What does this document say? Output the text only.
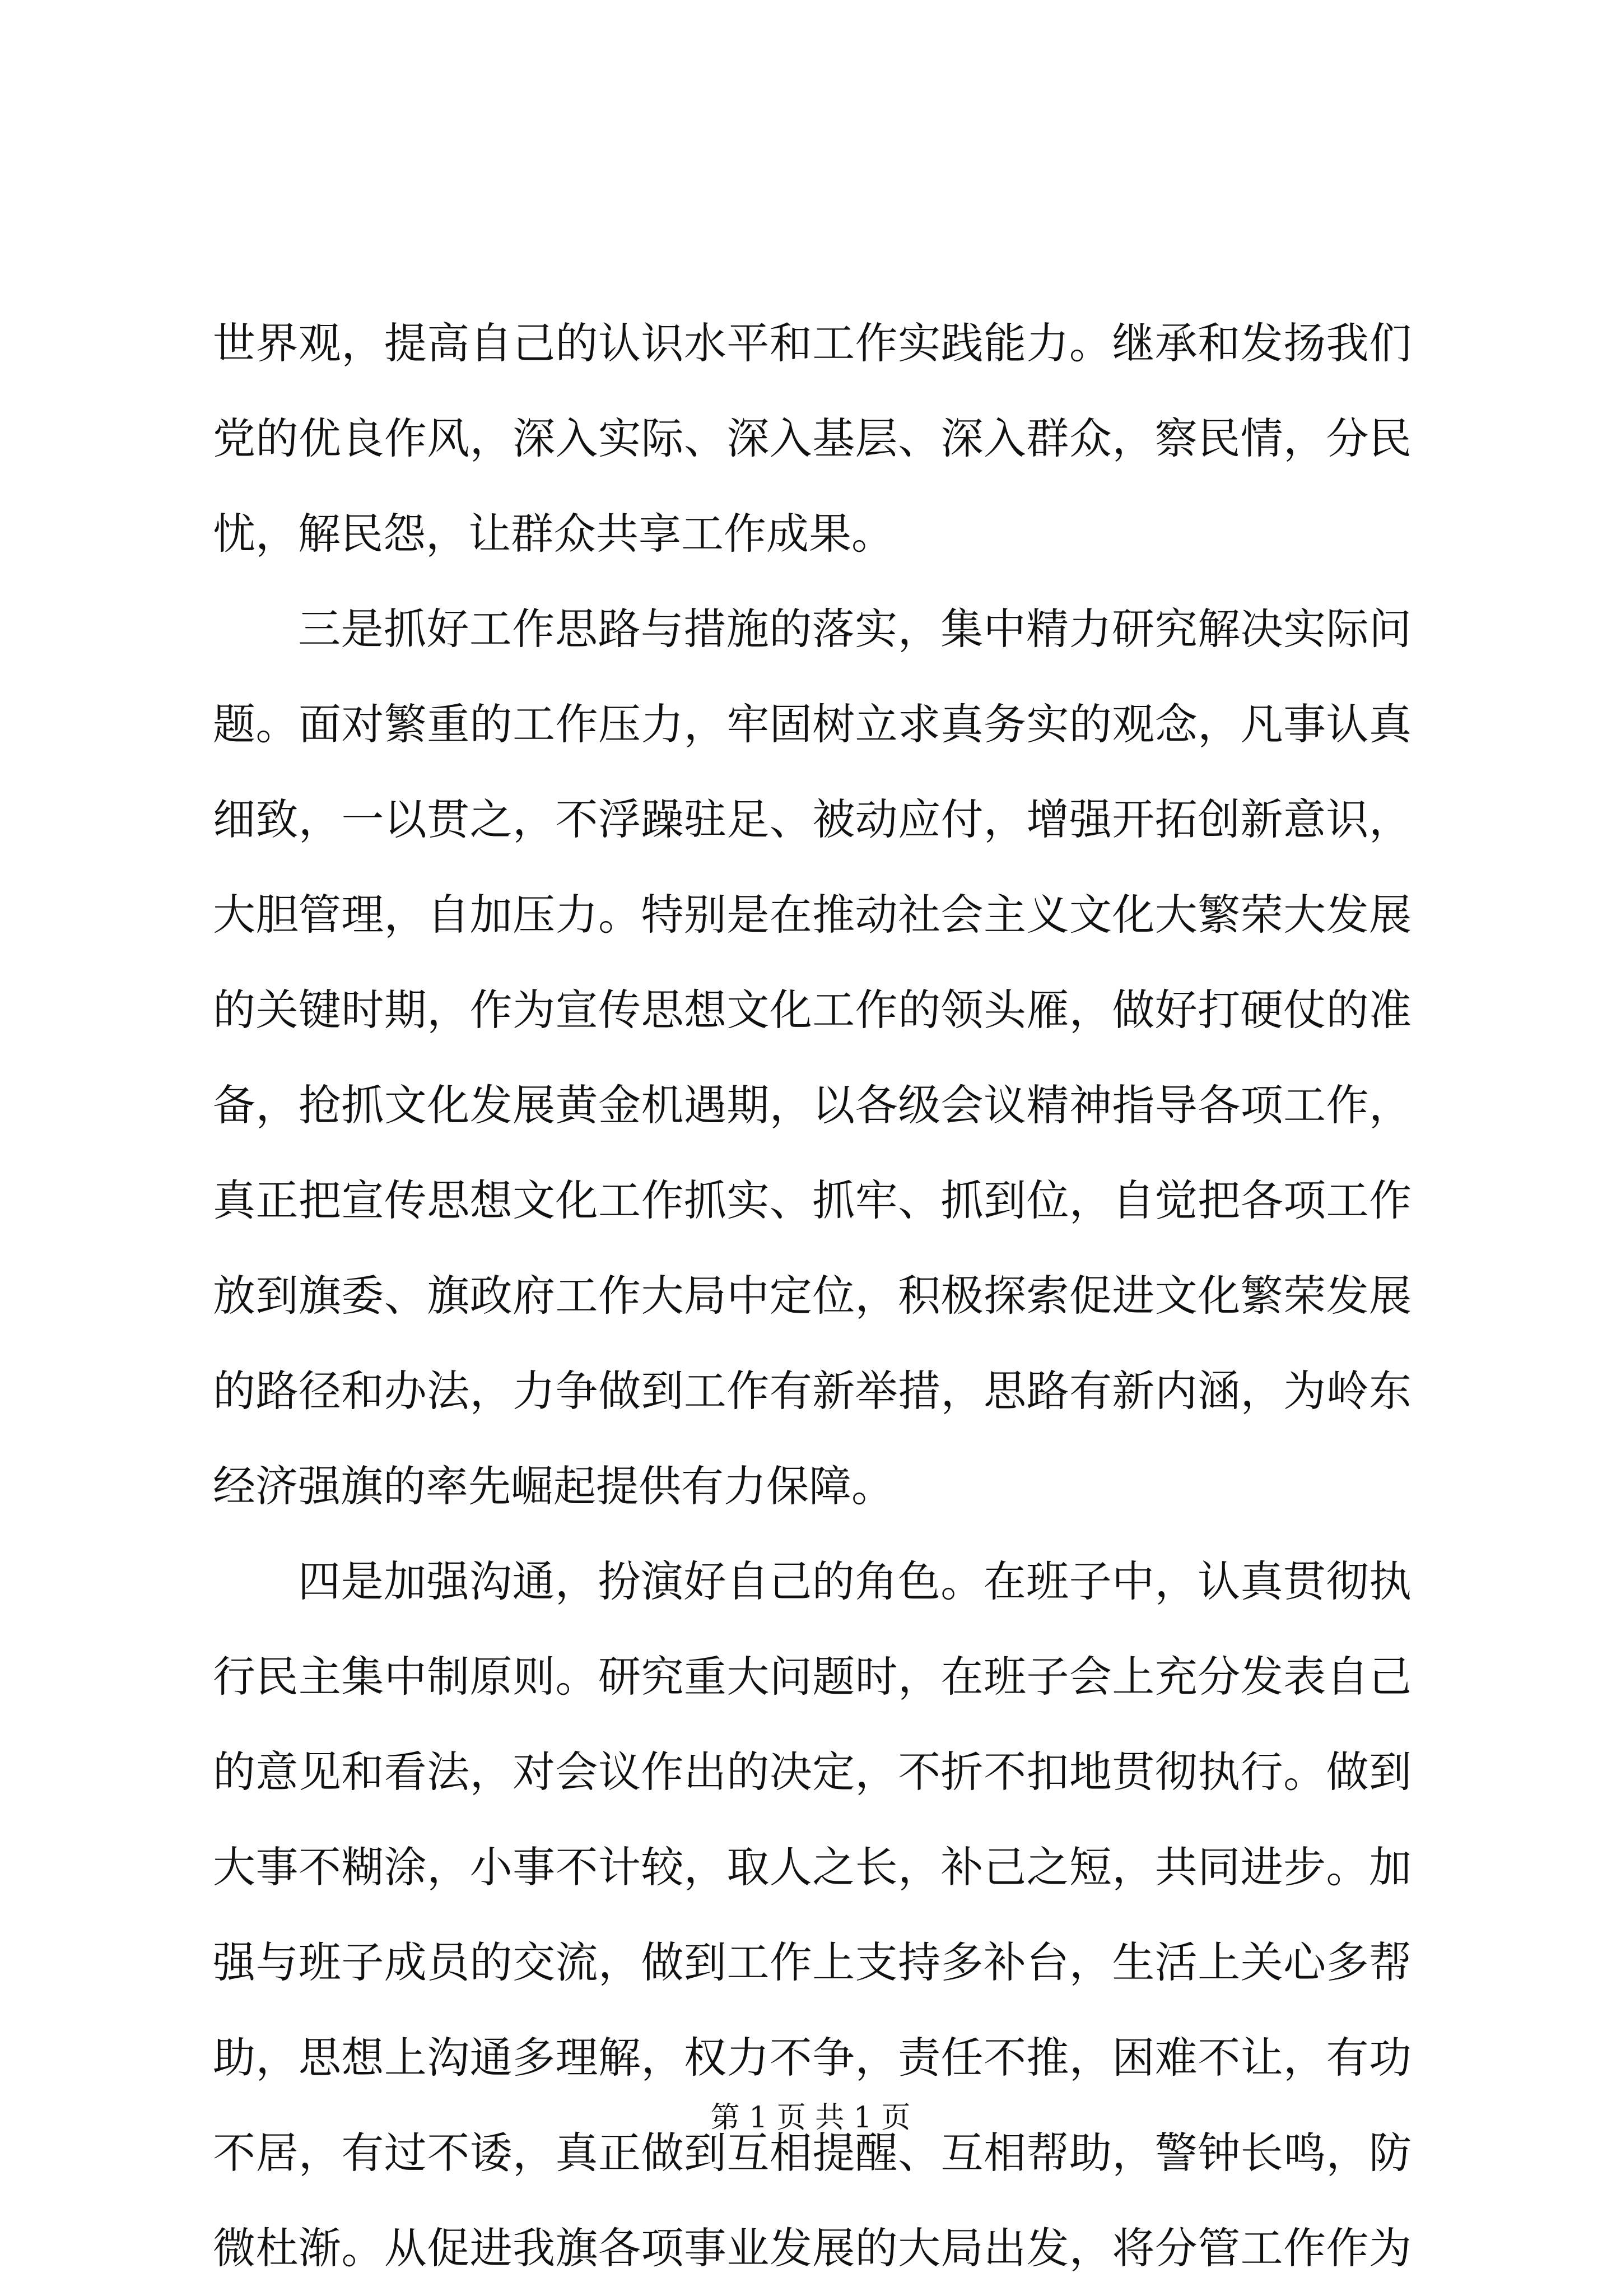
世界观，提高自己的认识水平和工作实践能力。继承和发扬我们
党的优良作风，深入实际、深入基层、深入群众，察民情，分民
忧，解民怨，让群众共享工作成果。
三是抓好工作思路与措施的落实，集中精力研究解决实际问
题。面对繁重的工作压力，牢固树立求真务实的观念，凡事认真
细致，一以贯之，不浮躁驻足、被动应付，增强开拓创新意识，
大胆管理，自加压力。特别是在推动社会主义文化大繁荣大发展
的关键时期，作为宣传思想文化工作的领头雁，做好打硬仗的准
备，抢抓文化发展黄金机遇期，以各级会议精神指导各项工作，
真正把宣传思想文化工作抓实、抓牢、抓到位，自觉把各项工作
放到旗委、旗政府工作大局中定位，积极探索促进文化繁荣发展
的路径和办法，力争做到工作有新举措，思路有新内涵，为岭东
经济强旗的率先崛起提供有力保障。
四是加强沟通，扮演好自己的角色。在班子中，认真贯彻执
行民主集中制原则。研究重大问题时，在班子会上充分发表自己
的意见和看法，对会议作出的决定，不折不扣地贯彻执行。做到
大事不糊涂，小事不计较，取人之长，补己之短，共同进步。加
强与班子成员的交流，做到工作上支持多补台，生活上关心多帮
助，思想上沟通多理解，权力不争，责任不推，困难不让，有功
不居，有过不诿，真正做到互相提醒、互相帮助，警钟长鸣，防
微杜渐。从促进我旗各项事业发展的大局出发，将分管工作作为
第 1 页 共 1 页
